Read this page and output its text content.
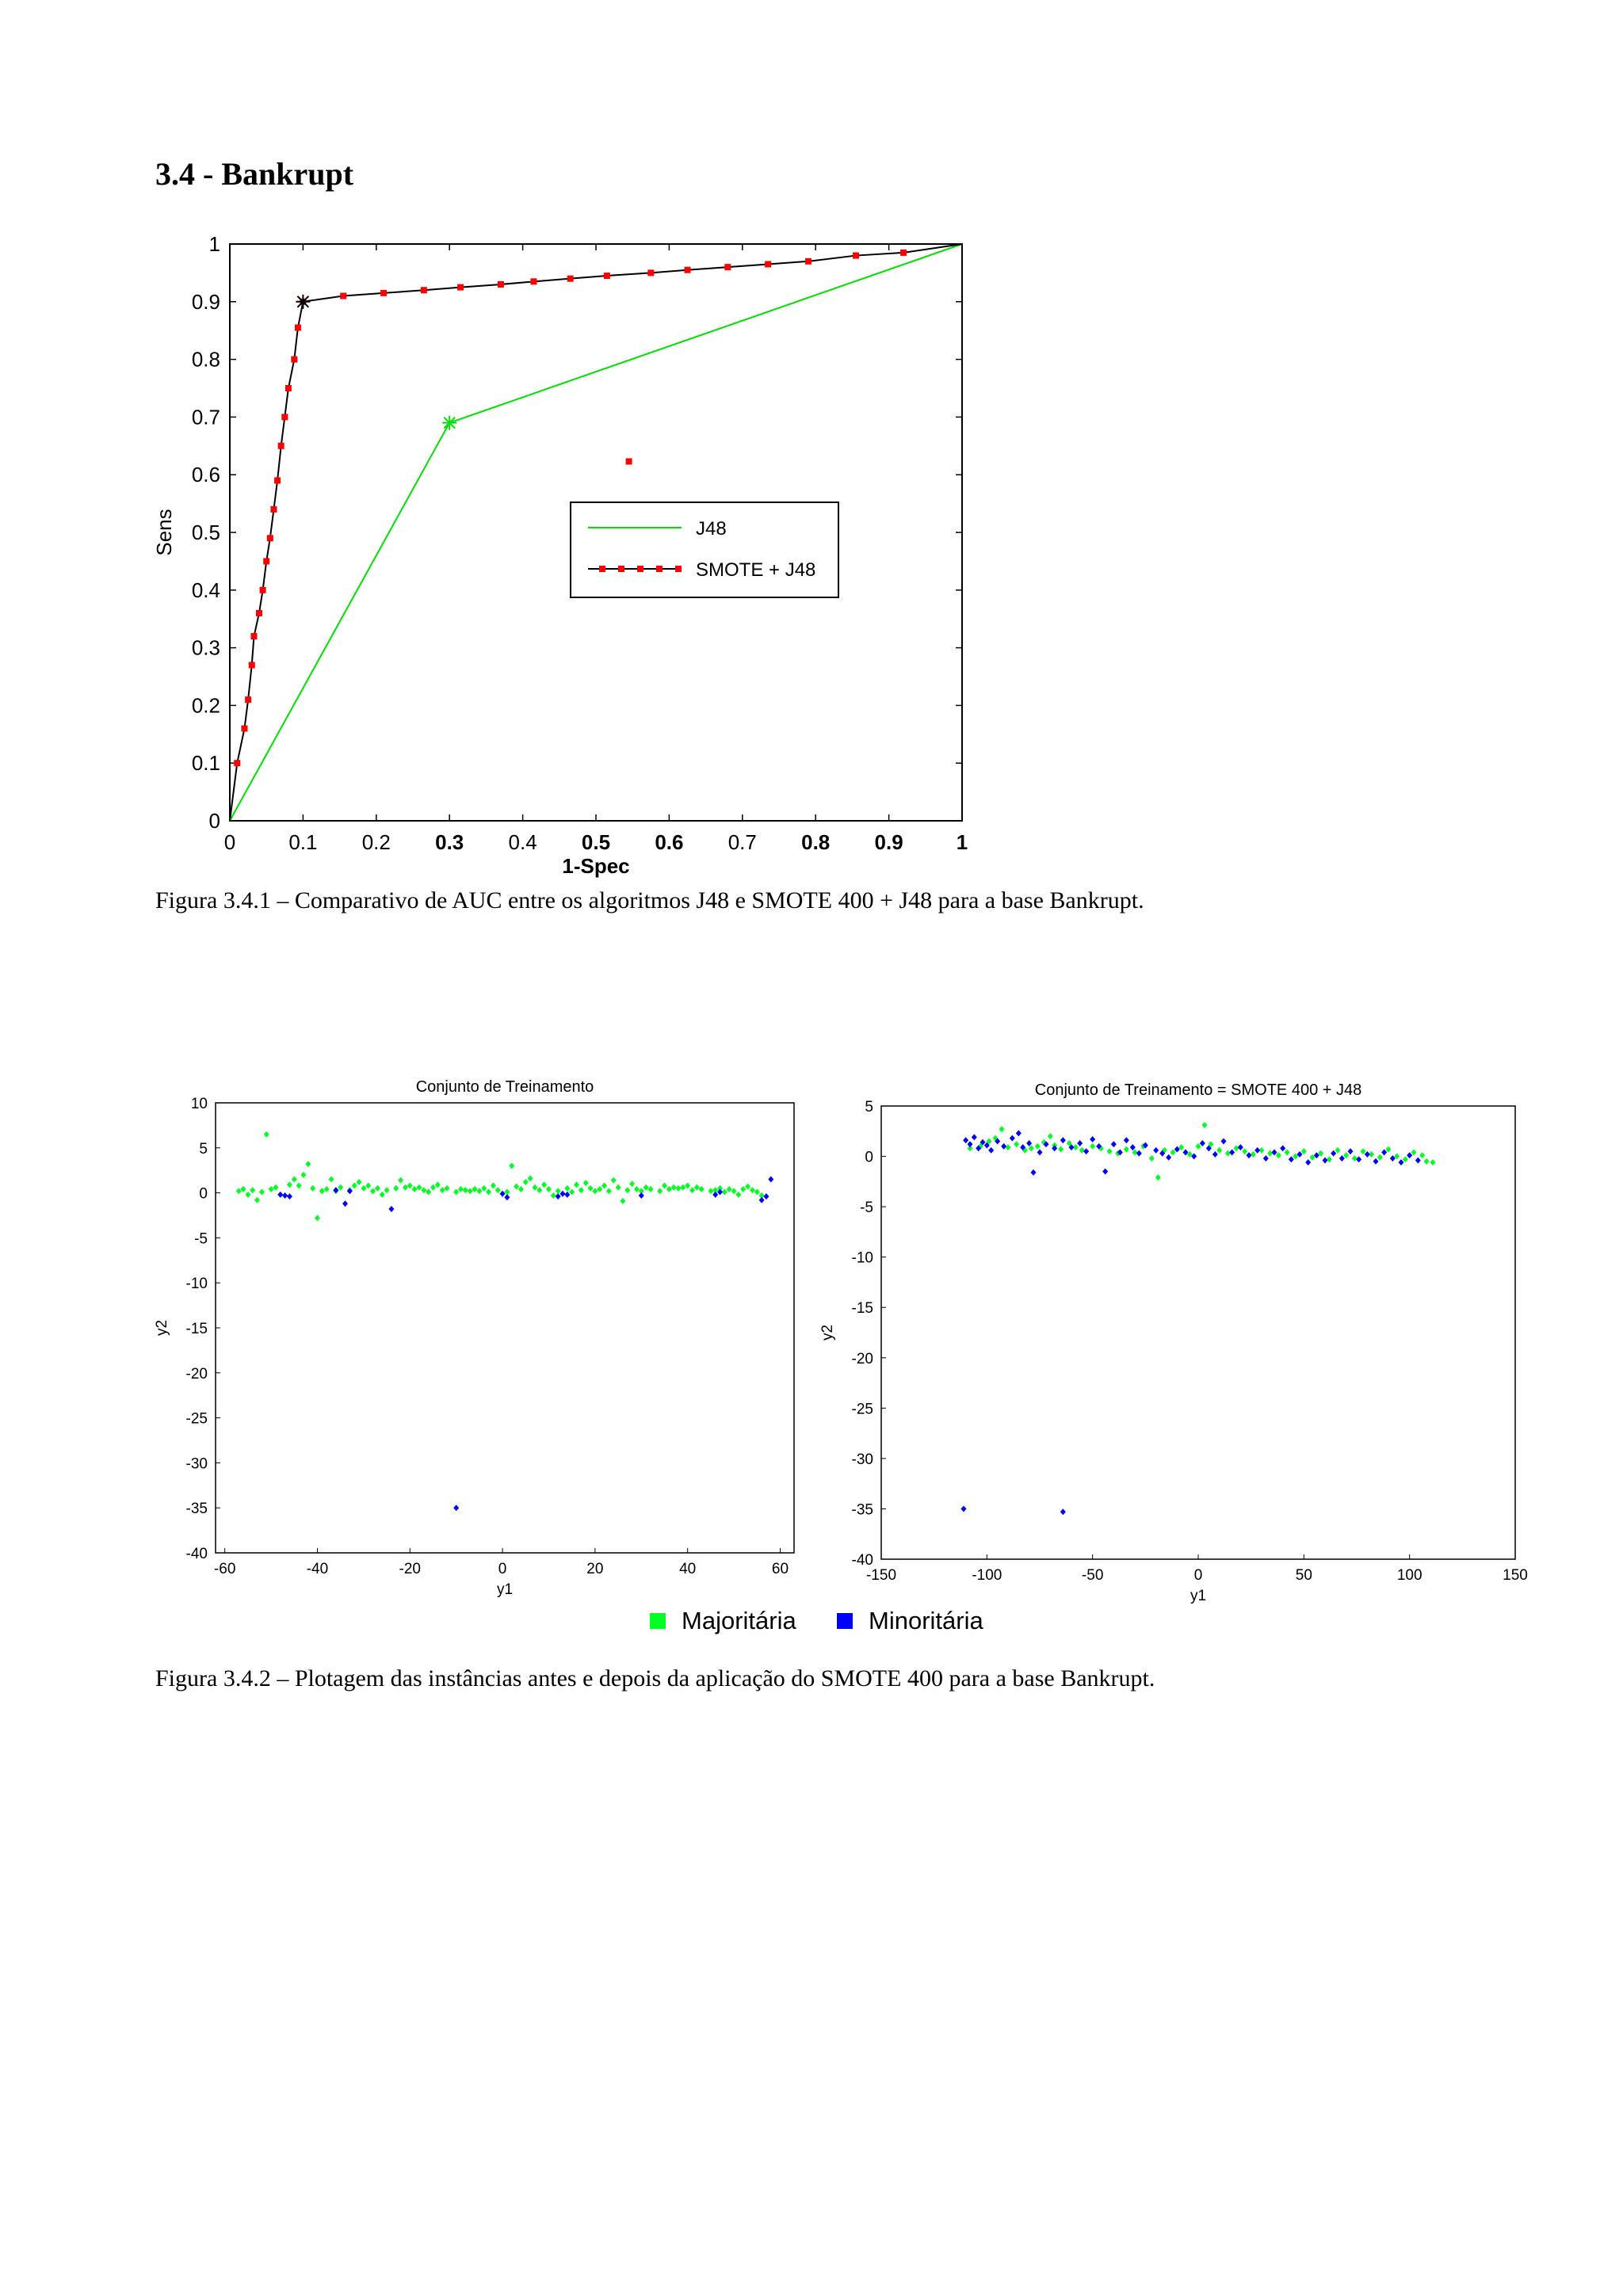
3.4 - Bankrupt
0	0.1 0.2 0.3 0.4 0.5 0.6 0.7 0.8 0.9	1
0
0.1
0.2
0.3
0.4
0.5
0.6
0.7
0.8
0.9
1
1-Spec
Sens	J48
SMOTE + J48
Figura 3.4.1 – Comparativo de AUC entre os algoritmos J48 e SMOTE 400 + J48 para a base Bankrupt.
Conjunto de Treinamento
-60	-40	-20	0	20	40	60
10
5
0
-5
-10
-15
-20
-25
-30
-35
-40
y1
y2
Conjunto de Treinamento = SMOTE 400 + J48
-150	-100	-50	0	50	100	150
5
0
-5
-10
-15
-20
-25
-30
-35
-40
y1
y2
Majoritária	Minoritária
Figura 3.4.2 – Plotagem das instâncias antes e depois da aplicação do SMOTE 400 para a base Bankrupt.
